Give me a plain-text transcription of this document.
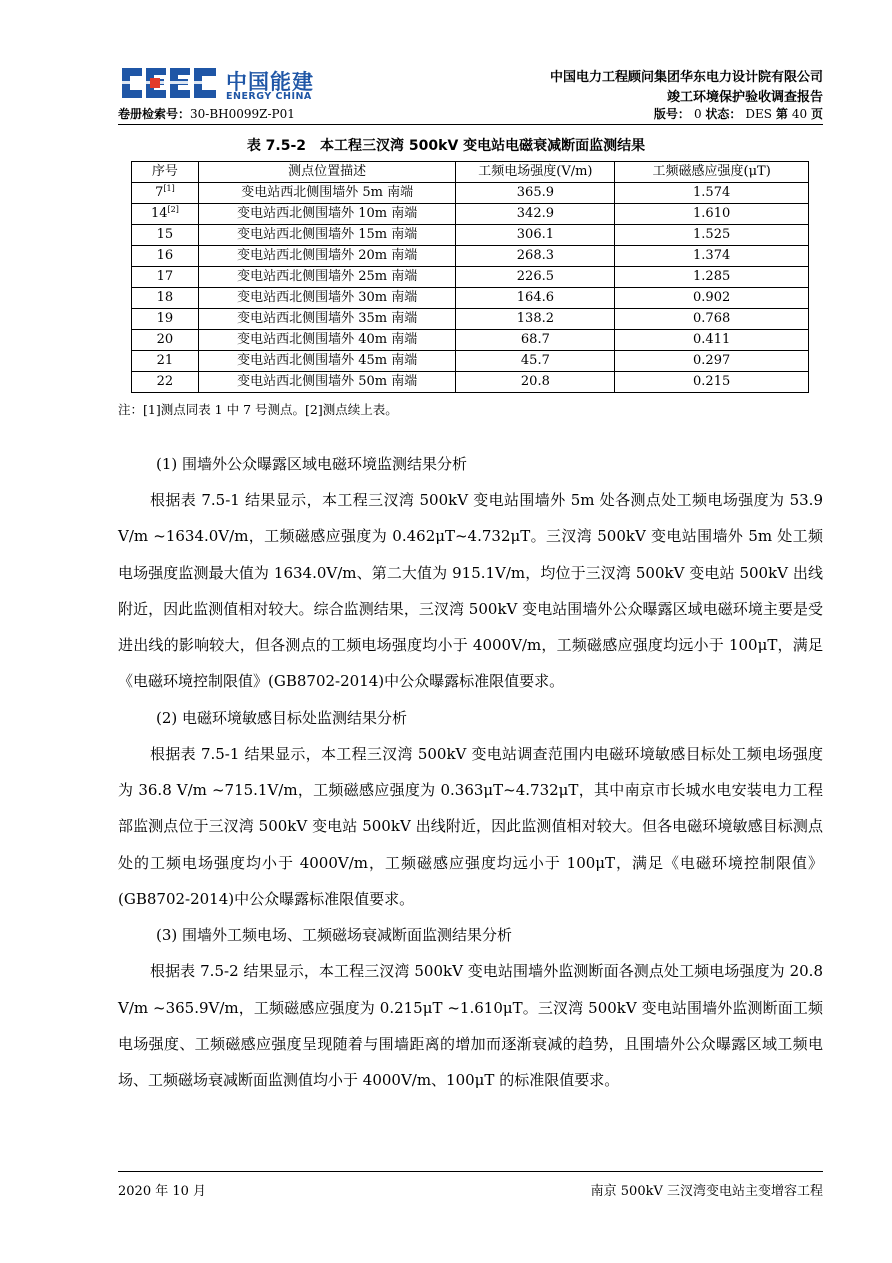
中国能建
ENERGY CHINA
中国电力工程顾问集团华东电力设计院有限公司
竣工环境保护验收调查报告
卷册检索号：30-BH0099Z-P01	版号： 0 状态： DES 第 40 页
表 7.5-2 本工程三汊湾 500kV 变电站电磁衰减断面监测结果
序号	测点位置描述	工频电场强度(V/m)	工频磁感应强度(μT)
7[1]	变电站西北侧围墙外 5m 南端	365.9	1.574
14[2]	变电站西北侧围墙外 10m 南端	342.9	1.610
15	变电站西北侧围墙外 15m 南端	306.1	1.525
16	变电站西北侧围墙外 20m 南端	268.3	1.374
17	变电站西北侧围墙外 25m 南端	226.5	1.285
18	变电站西北侧围墙外 30m 南端	164.6	0.902
19	变电站西北侧围墙外 35m 南端	138.2	0.768
20	变电站西北侧围墙外 40m 南端	68.7	0.411
21	变电站西北侧围墙外 45m 南端	45.7	0.297
22	变电站西北侧围墙外 50m 南端	20.8	0.215
注：[1]测点同表 1 中 7 号测点。[2]测点续上表。
(1) 围墙外公众曝露区域电磁环境监测结果分析

根据表 7.5-1 结果显示，本工程三汊湾 500kV 变电站围墙外 5m 处各测点处工频电场强度为 53.9 V/m ~1634.0V/m，工频磁感应强度为 0.462μT~4.732μT。三汊湾 500kV 变电站围墙外 5m 处工频电场强度监测最大值为 1634.0V/m、第二大值为 915.1V/m，均位于三汊湾 500kV 变电站 500kV 出线附近，因此监测值相对较大。综合监测结果，三汊湾 500kV 变电站围墙外公众曝露区域电磁环境主要是受进出线的影响较大，但各测点的工频电场强度均小于 4000V/m，工频磁感应强度均远小于 100μT，满足《电磁环境控制限值》(GB8702-2014)中公众曝露标准限值要求。

(2) 电磁环境敏感目标处监测结果分析

根据表 7.5-1 结果显示，本工程三汊湾 500kV 变电站调查范围内电磁环境敏感目标处工频电场强度为 36.8 V/m ~715.1V/m，工频磁感应强度为 0.363μT~4.732μT，其中南京市长城水电安装电力工程部监测点位于三汊湾 500kV 变电站 500kV 出线附近，因此监测值相对较大。但各电磁环境敏感目标测点处的工频电场强度均小于 4000V/m，工频磁感应强度均远小于 100μT，满足《电磁环境控制限值》(GB8702-2014)中公众曝露标准限值要求。

(3) 围墙外工频电场、工频磁场衰减断面监测结果分析

根据表 7.5-2 结果显示，本工程三汊湾 500kV 变电站围墙外监测断面各测点处工频电场强度为 20.8 V/m ~365.9V/m，工频磁感应强度为 0.215μT ~1.610μT。三汊湾 500kV 变电站围墙外监测断面工频电场强度、工频磁感应强度呈现随着与围墙距离的增加而逐渐衰减的趋势，且围墙外公众曝露区域工频电场、工频磁场衰减断面监测值均小于 4000V/m、100μT 的标准限值要求。

2020 年 10 月	南京 500kV 三汊湾变电站主变增容工程
